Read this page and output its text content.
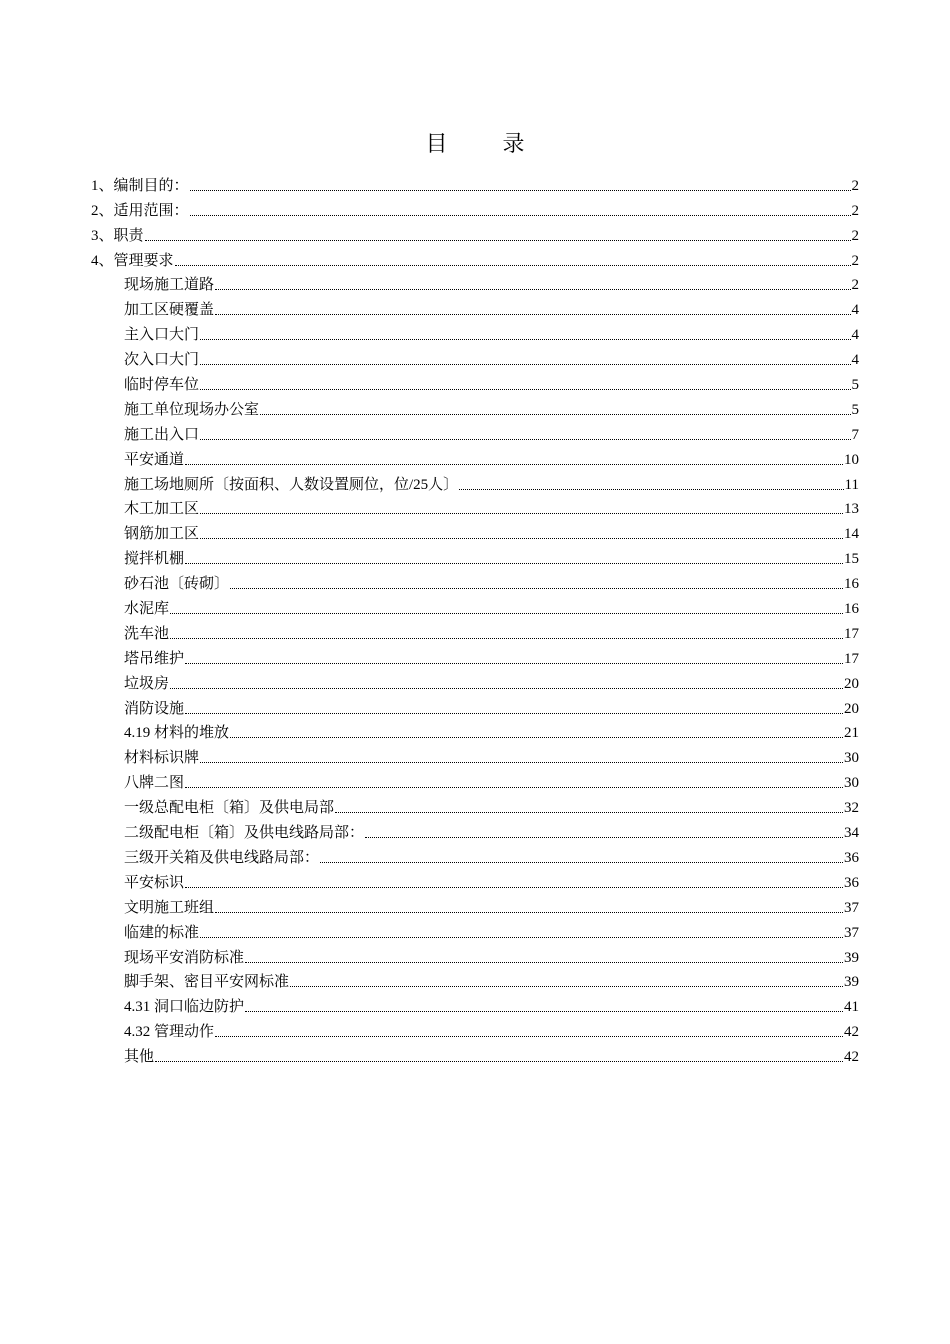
目 录
1、编制目的：	2
2、适用范围：	2
3、职责	2
4、管理要求	2
现场施工道路	2
加工区硬覆盖	4
主入口大门	4
次入口大门	4
临时停车位	5
施工单位现场办公室	5
施工出入口	7
平安通道	10
施工场地厕所〔按面积、人数设置厕位，位/25人〕	11
木工加工区	13
钢筋加工区	14
搅拌机棚	15
砂石池〔砖砌〕	16
水泥库	16
洗车池	17
塔吊维护	17
垃圾房	20
消防设施	20
4.19 材料的堆放	21
材料标识牌	30
八牌二图	30
一级总配电柜〔箱〕及供电局部	32
二级配电柜〔箱〕及供电线路局部：	34
三级开关箱及供电线路局部：	36
平安标识	36
文明施工班组	37
临建的标准	37
现场平安消防标准	39
脚手架、密目平安网标准	39
4.31 洞口临边防护	41
4.32 管理动作	42
其他	42
